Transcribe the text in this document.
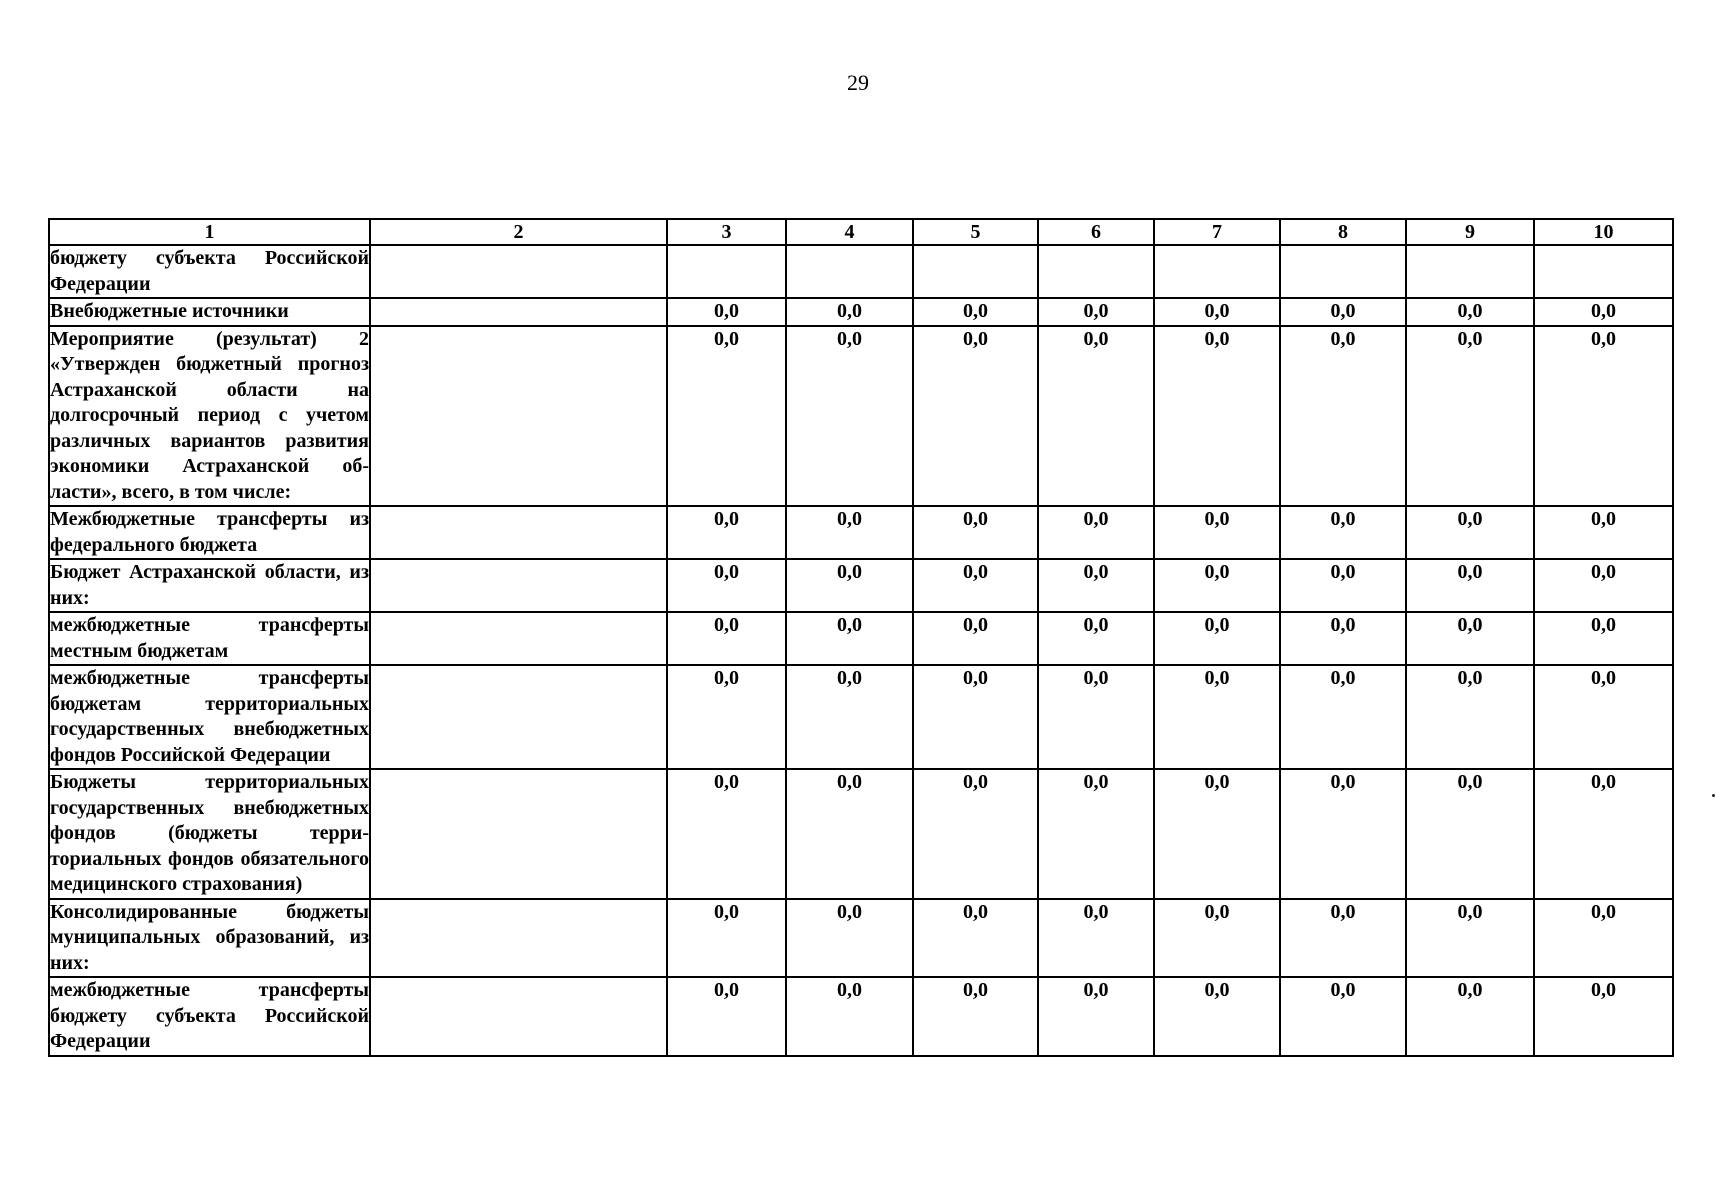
29
1	2	3	4	5	6	7	8	9	10
бюджету субъекта Российской Федерации									
Внебюджетные источники		0,0	0,0	0,0	0,0	0,0	0,0	0,0	0,0
Мероприятие (результат) 2 «Утвержден бюджетный прогноз Астраханской области на долгосрочный период с учетом различных вариантов развития экономики Астраханской области», всего, в том числе:		0,0	0,0	0,0	0,0	0,0	0,0	0,0	0,0
Межбюджетные трансферты из федерального бюджета		0,0	0,0	0,0	0,0	0,0	0,0	0,0	0,0
Бюджет Астраханской области, из них:		0,0	0,0	0,0	0,0	0,0	0,0	0,0	0,0
межбюджетные трансферты местным бюджетам		0,0	0,0	0,0	0,0	0,0	0,0	0,0	0,0
межбюджетные трансферты бюджетам территориальных государственных внебюджетных фондов Российской Федерации		0,0	0,0	0,0	0,0	0,0	0,0	0,0	0,0
Бюджеты территориальных государственных внебюджетных фондов (бюджеты территориальных фондов обязательного медицинского страхования)		0,0	0,0	0,0	0,0	0,0	0,0	0,0	0,0
Консолидированные бюджеты муниципальных образований, из них:		0,0	0,0	0,0	0,0	0,0	0,0	0,0	0,0
межбюджетные трансферты бюджету субъекта Российской Федерации		0,0	0,0	0,0	0,0	0,0	0,0	0,0	0,0
